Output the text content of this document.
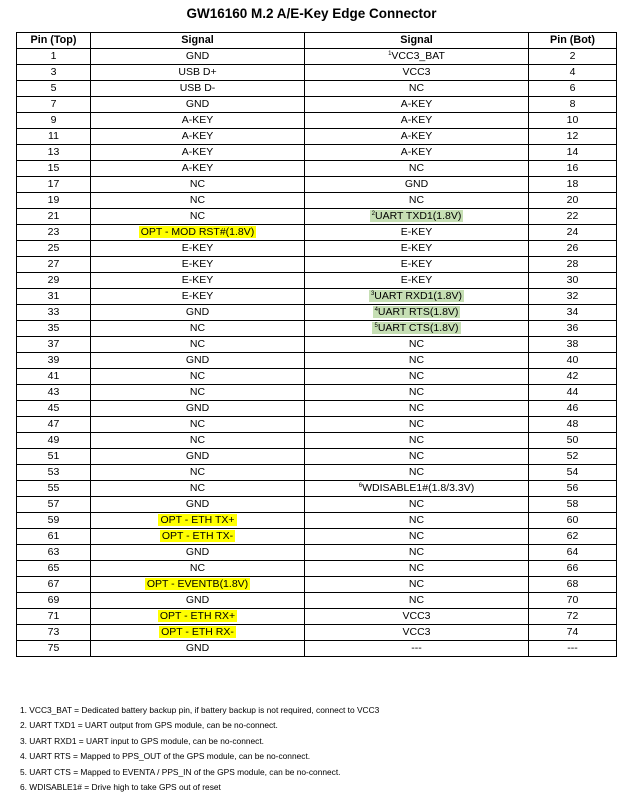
GW16160 M.2 A/E-Key Edge Connector
Pin (Top)	Signal	Signal	Pin (Bot)
1	GND	$^1$VCC3_BAT	2
3	USB D+	VCC3	4
5	USB D-	NC	6
7	GND	A-KEY	8
9	A-KEY	A-KEY	10
11	A-KEY	A-KEY	12
13	A-KEY	A-KEY	14
15	A-KEY	NC	16
17	NC	GND	18
19	NC	NC	20
21	NC	$^2$UART TXD1(1.8V)	22
23	OPT - MOD RST#(1.8V)	E-KEY	24
25	E-KEY	E-KEY	26
27	E-KEY	E-KEY	28
29	E-KEY	E-KEY	30
31	E-KEY	$^3$UART RXD1(1.8V)	32
33	GND	$^4$UART RTS(1.8V)	34
35	NC	$^5$UART CTS(1.8V)	36
37	NC	NC	38
39	GND	NC	40
41	NC	NC	42
43	NC	NC	44
45	GND	NC	46
47	NC	NC	48
49	NC	NC	50
51	GND	NC	52
53	NC	NC	54
55	NC	$^6$WDISABLE1#(1.8/3.3V)	56
57	GND	NC	58
59	OPT - ETH TX+	NC	60
61	OPT - ETH TX-	NC	62
63	GND	NC	64
65	NC	NC	66
67	OPT - EVENTB(1.8V)	NC	68
69	GND	NC	70
71	OPT - ETH RX+	VCC3	72
73	OPT - ETH RX-	VCC3	74
75	GND	---	---
1. VCC3_BAT = Dedicated battery backup pin, if battery backup is not required, connect to VCC3
2. UART TXD1 = UART output from GPS module, can be no-connect.
3. UART RXD1 = UART input to GPS module, can be no-connect.
4. UART RTS = Mapped to PPS_OUT of the GPS module, can be no-connect.
5. UART CTS = Mapped to EVENTA / PPS_IN of the GPS module, can be no-connect.
6. WDISABLE1# = Drive high to take GPS out of reset
